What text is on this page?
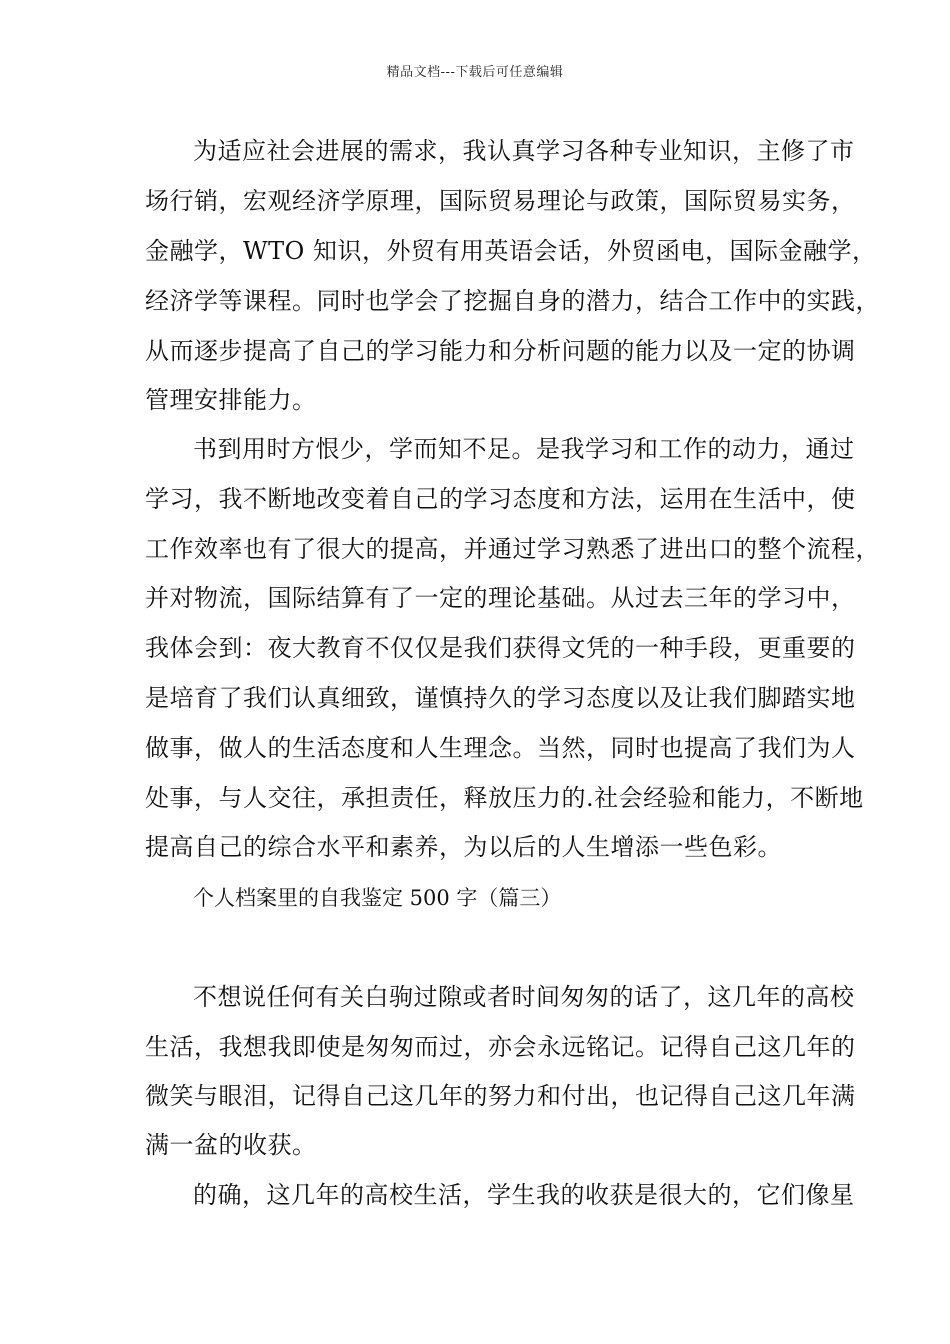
精品文档---下载后可任意编辑
为适应社会进展的需求，我认真学习各种专业知识，主修了市
场行销，宏观经济学原理，国际贸易理论与政策，国际贸易实务，
金融学，WTO 知识，外贸有用英语会话，外贸函电，国际金融学，
经济学等课程。同时也学会了挖掘自身的潜力，结合工作中的实践，
从而逐步提高了自己的学习能力和分析问题的能力以及一定的协调
管理安排能力。
书到用时方恨少，学而知不足。是我学习和工作的动力，通过
学习，我不断地改变着自己的学习态度和方法，运用在生活中，使
工作效率也有了很大的提高，并通过学习熟悉了进出口的整个流程，
并对物流，国际结算有了一定的理论基础。从过去三年的学习中，
我体会到：夜大教育不仅仅是我们获得文凭的一种手段，更重要的
是培育了我们认真细致，谨慎持久的学习态度以及让我们脚踏实地
做事，做人的生活态度和人生理念。当然，同时也提高了我们为人
处事，与人交往，承担责任，释放压力的.社会经验和能力，不断地
提高自己的综合水平和素养，为以后的人生增添一些色彩。
个人档案里的自我鉴定 500 字（篇三）
不想说任何有关白驹过隙或者时间匆匆的话了，这几年的高校
生活，我想我即使是匆匆而过，亦会永远铭记。记得自己这几年的
微笑与眼泪，记得自己这几年的努力和付出，也记得自己这几年满
满一盆的收获。
的确，这几年的高校生活，学生我的收获是很大的，它们像星
